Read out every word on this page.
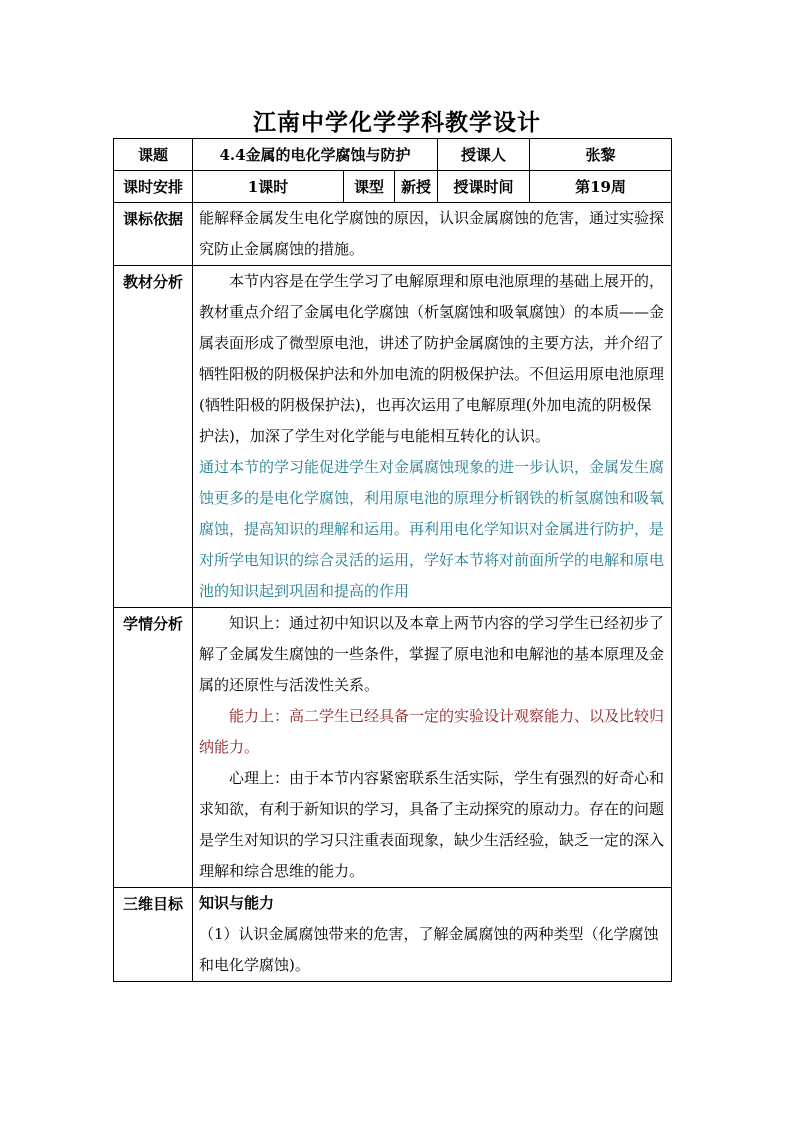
江南中学化学学科教学设计
课题	4.4金属的电化学腐蚀与防护			授课人	张黎
课时安排	1课时	课型	新授	授课时间	第19周
课标依据	能解释金属发生电化学腐蚀的原因，认识金属腐蚀的危害，通过实验探究防止金属腐蚀的措施。				

教材分析	本节内容是在学生学习了电解原理和原电池原理的基础上展开的，教材重点介绍了金属电化学腐蚀（析氢腐蚀和吸氧腐蚀）的本质——金属表面形成了微型原电池，讲述了防护金属腐蚀的主要方法，并介绍了牺牲阳极的阴极保护法和外加电流的阴极保护法。不但运用原电池原理(牺牲阳极的阴极保护法)，也再次运用了电解原理(外加电流的阴极保护法)，加深了学生对化学能与电能相互转化的认识。

通过本节的学习能促进学生对金属腐蚀现象的进一步认识，金属发生腐蚀更多的是电化学腐蚀，利用原电池的原理分析钢铁的析氢腐蚀和吸氧腐蚀，提高知识的理解和运用。再利用电化学知识对金属进行防护，是对所学电知识的综合灵活的运用，学好本节将对前面所学的电解和原电池的知识起到巩固和提高的作用				

学情分析	知识上：通过初中知识以及本章上两节内容的学习学生已经初步了解了金属发生腐蚀的一些条件，掌握了原电池和电解池的基本原理及金属的还原性与活泼性关系。

能力上：高二学生已经具备一定的实验设计观察能力、以及比较归纳能力。

心理上：由于本节内容紧密联系生活实际，学生有强烈的好奇心和求知欲，有利于新知识的学习，具备了主动探究的原动力。存在的问题是学生对知识的学习只注重表面现象，缺少生活经验，缺乏一定的深入理解和综合思维的能力。				

三维目标	知识与能力

（1）认识金属腐蚀带来的危害，了解金属腐蚀的两种类型（化学腐蚀和电化学腐蚀)。				
